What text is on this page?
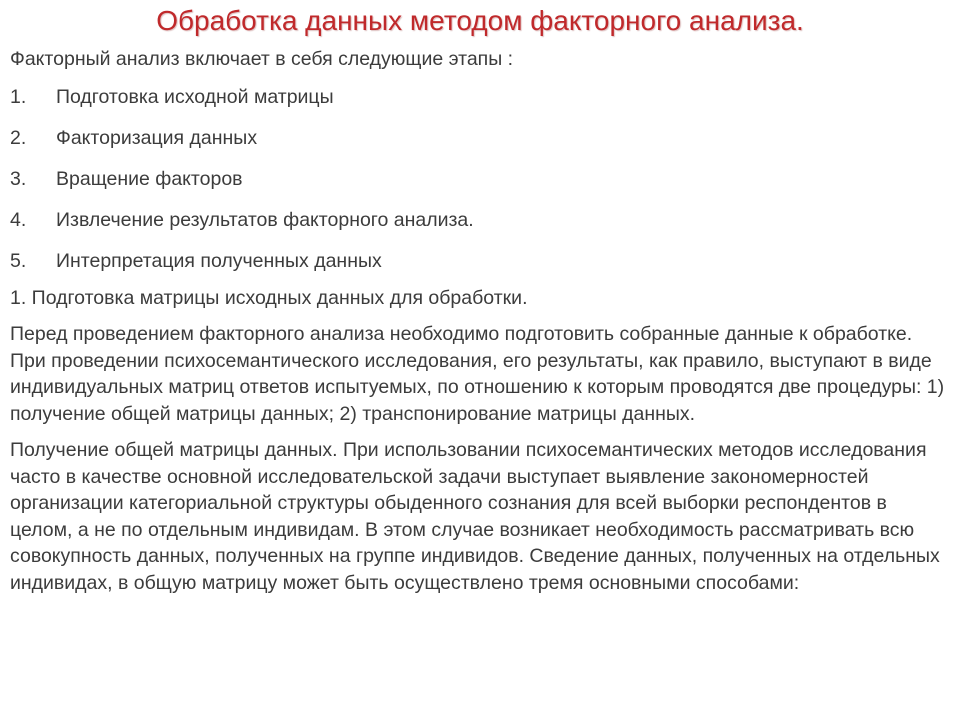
Обработка данных методом факторного анализа.

Факторный анализ включает в себя следующие этапы :

1.	Подготовка исходной матрицы
2.	Факторизация данных
3.	Вращение факторов
4.	Извлечение результатов факторного анализа.
5.	Интерпретация полученных данных

1. Подготовка матрицы исходных данных для обработки.

Перед проведением факторного анализа необходимо подготовить собранные данные к обработке. При проведении психосемантического исследования, его результаты, как правило, выступают в виде индивидуальных матриц ответов испытуемых, по отношению к которым проводятся две процедуры: 1) получение общей матрицы данных; 2) транспонирование матрицы данных.

Получение общей матрицы данных. При использовании психосемантических методов исследования часто в качестве основной исследовательской задачи выступает выявление закономерностей организации категориальной структуры обыденного сознания для всей выборки респондентов в целом, а не по отдельным индивидам. В этом случае возникает необходимость рассматривать всю совокупность данных, полученных на группе индивидов. Сведение данных, полученных на отдельных индивидах, в общую матрицу может быть осуществлено тремя основными способами:
